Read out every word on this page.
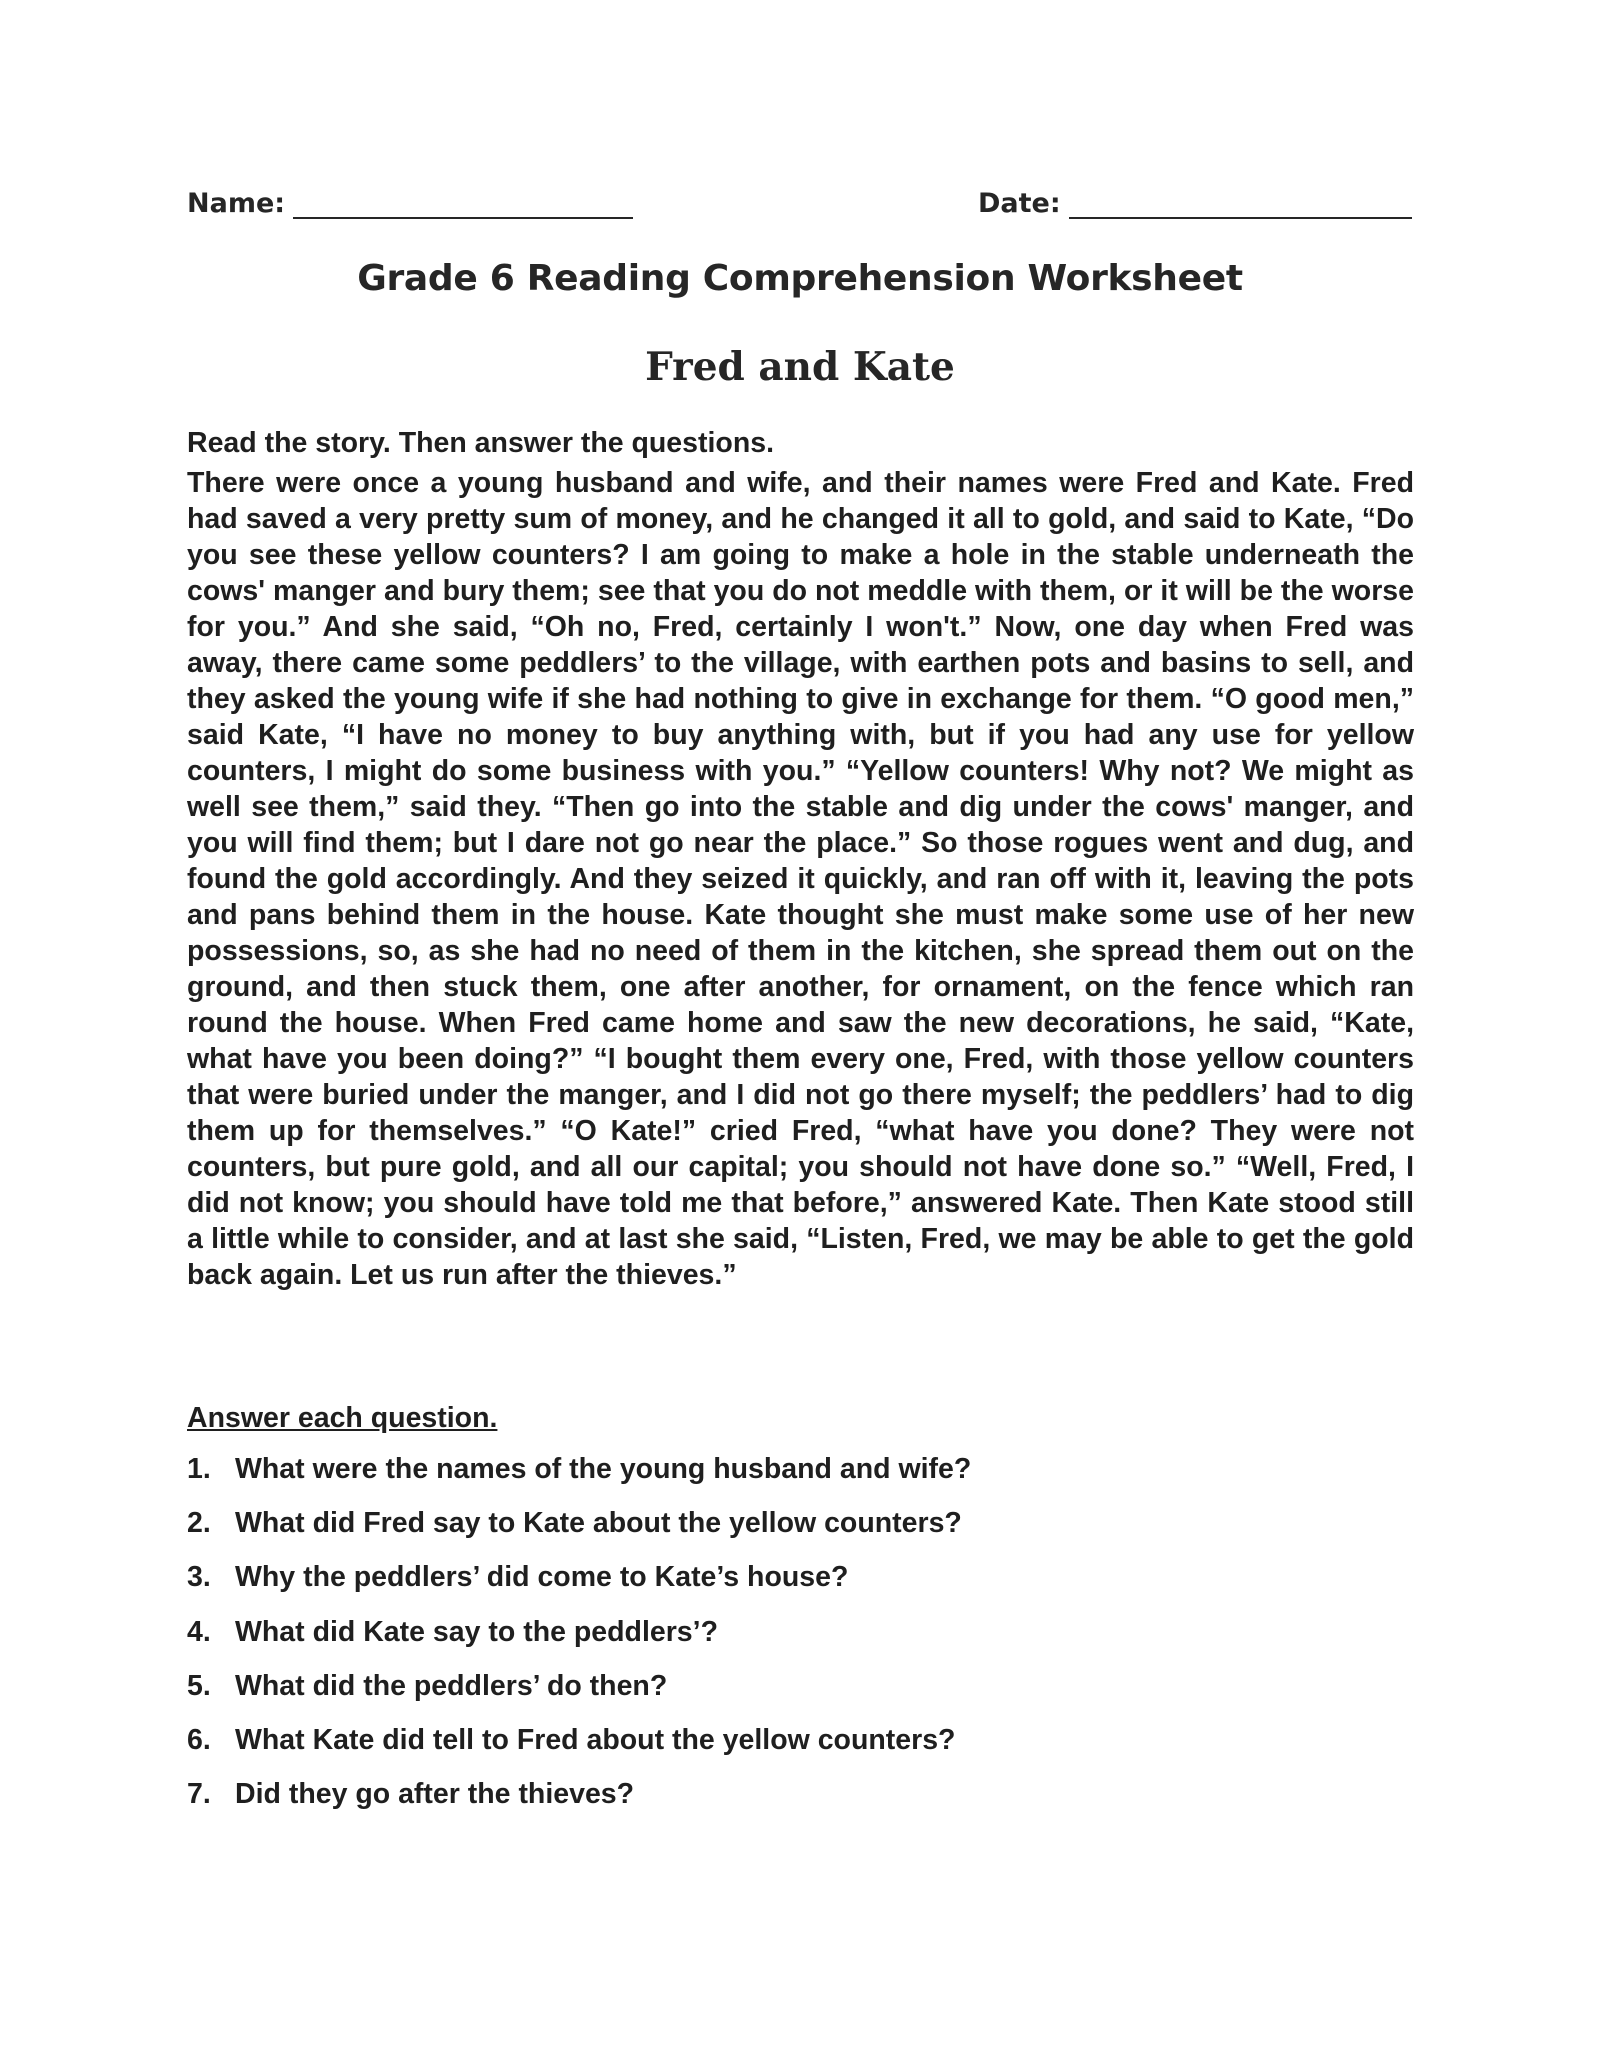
Name:	Date:
Grade 6 Reading Comprehension Worksheet
Fred and Kate
Read the story. Then answer the questions.

There were once a young husband and wife, and their names were Fred and Kate. Fred had saved a very pretty sum of money, and he changed it all to gold, and said to Kate, “Do you see these yellow counters? I am going to make a hole in the stable underneath the cows' manger and bury them; see that you do not meddle with them, or it will be the worse for you.” And she said, “Oh no, Fred, certainly I won't.” Now, one day when Fred was away, there came some peddlers’ to the village, with earthen pots and basins to sell, and they asked the young wife if she had nothing to give in exchange for them. “O good men,” said Kate, “I have no money to buy anything with, but if you had any use for yellow counters, I might do some business with you.” “Yellow counters! Why not? We might as well see them,” said they. “Then go into the stable and dig under the cows' manger, and you will find them; but I dare not go near the place.” So those rogues went and dug, and found the gold accordingly. And they seized it quickly, and ran off with it, leaving the pots and pans behind them in the house. Kate thought she must make some use of her new possessions, so, as she had no need of them in the kitchen, she spread them out on the ground, and then stuck them, one after another, for ornament, on the fence which ran round the house. When Fred came home and saw the new decorations, he said, “Kate, what have you been doing?” “I bought them every one, Fred, with those yellow counters that were buried under the manger, and I did not go there myself; the peddlers’ had to dig them up for themselves.” “O Kate!” cried Fred, “what have you done? They were not counters, but pure gold, and all our capital; you should not have done so.” “Well, Fred, I did not know; you should have told me that before,” answered Kate. Then Kate stood still a little while to consider, and at last she said, “Listen, Fred, we may be able to get the gold back again. Let us run after the thieves.”

Answer each question.
1. What were the names of the young husband and wife?
2. What did Fred say to Kate about the yellow counters?
3. Why the peddlers’ did come to Kate’s house?
4. What did Kate say to the peddlers’?
5. What did the peddlers’ do then?
6. What Kate did tell to Fred about the yellow counters?
7. Did they go after the thieves?
